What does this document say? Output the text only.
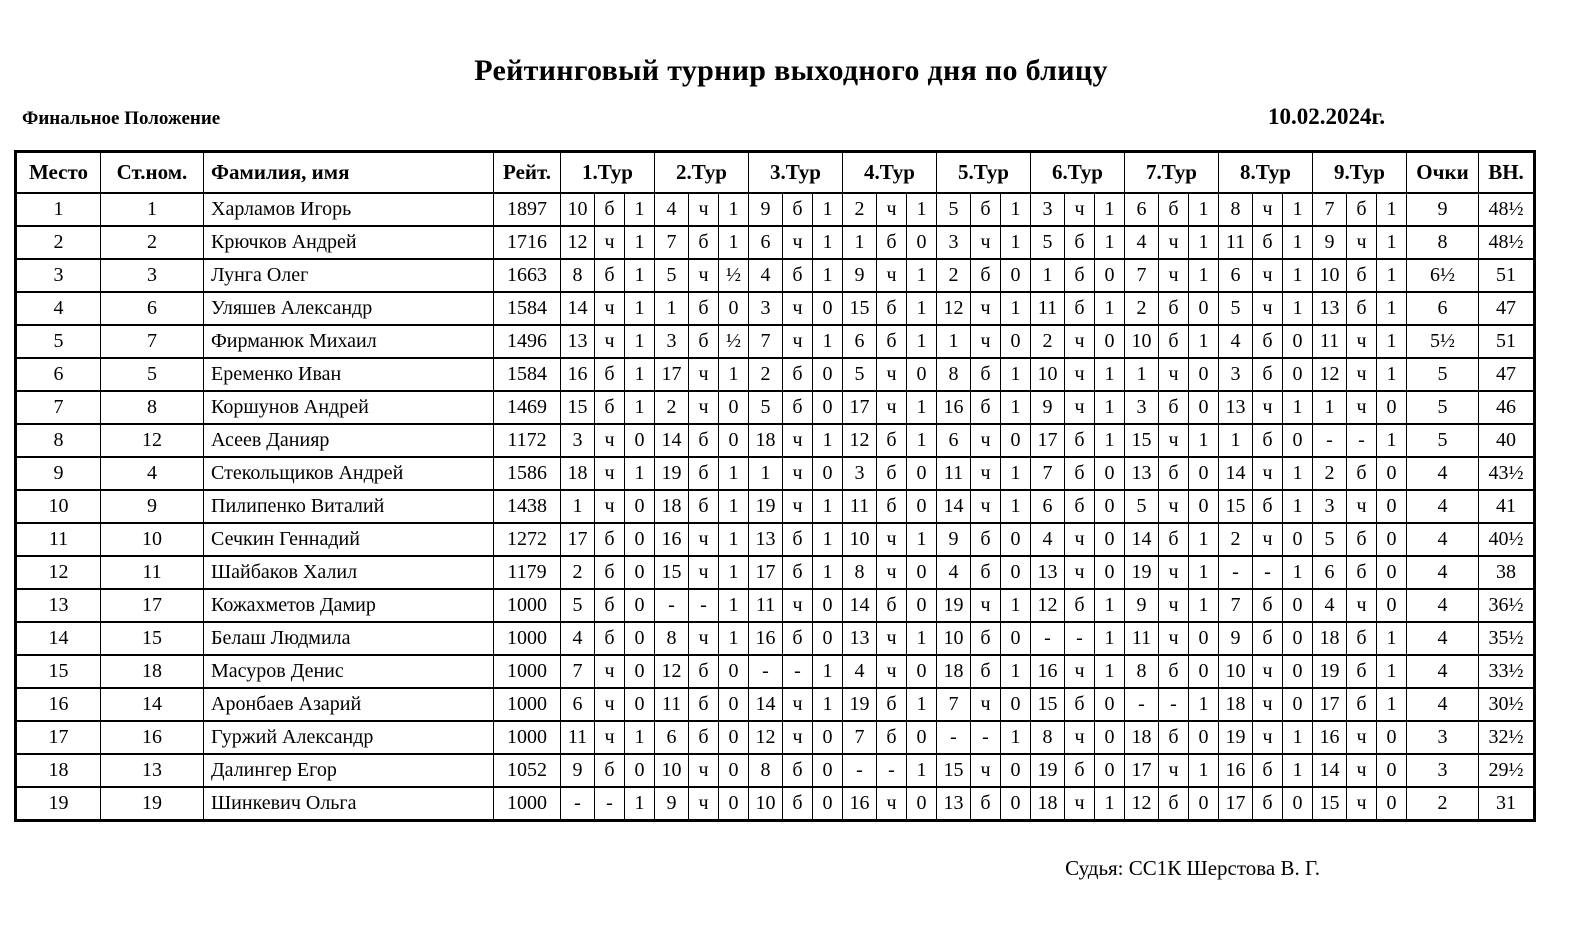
Рейтинговый турнир выходного дня по блицу
Финальное Положение	10.02.2024г.
Место	Ст.ном.	Фамилия, имя	Рейт.	1.Тур			2.Тур			3.Тур			4.Тур			5.Тур			6.Тур			7.Тур			8.Тур			9.Тур			Очки	ВН.
1	1	Харламов Игорь	1897	10	б	1	4	ч	1	9	б	1	2	ч	1	5	б	1	3	ч	1	6	б	1	8	ч	1	7	б	1	9	48½
2	2	Крючков Андрей	1716	12	ч	1	7	б	1	6	ч	1	1	б	0	3	ч	1	5	б	1	4	ч	1	11	б	1	9	ч	1	8	48½
3	3	Лунга Олег	1663	8	б	1	5	ч	½	4	б	1	9	ч	1	2	б	0	1	б	0	7	ч	1	6	ч	1	10	б	1	6½	51
4	6	Уляшев Александр	1584	14	ч	1	1	б	0	3	ч	0	15	б	1	12	ч	1	11	б	1	2	б	0	5	ч	1	13	б	1	6	47
5	7	Фирманюк Михаил	1496	13	ч	1	3	б	½	7	ч	1	6	б	1	1	ч	0	2	ч	0	10	б	1	4	б	0	11	ч	1	5½	51
6	5	Еременко Иван	1584	16	б	1	17	ч	1	2	б	0	5	ч	0	8	б	1	10	ч	1	1	ч	0	3	б	0	12	ч	1	5	47
7	8	Коршунов Андрей	1469	15	б	1	2	ч	0	5	б	0	17	ч	1	16	б	1	9	ч	1	3	б	0	13	ч	1	1	ч	0	5	46
8	12	Асеев Данияр	1172	3	ч	0	14	б	0	18	ч	1	12	б	1	6	ч	0	17	б	1	15	ч	1	1	б	0	-	-	1	5	40
9	4	Стекольщиков Андрей	1586	18	ч	1	19	б	1	1	ч	0	3	б	0	11	ч	1	7	б	0	13	б	0	14	ч	1	2	б	0	4	43½
10	9	Пилипенко Виталий	1438	1	ч	0	18	б	1	19	ч	1	11	б	0	14	ч	1	6	б	0	5	ч	0	15	б	1	3	ч	0	4	41
11	10	Сечкин Геннадий	1272	17	б	0	16	ч	1	13	б	1	10	ч	1	9	б	0	4	ч	0	14	б	1	2	ч	0	5	б	0	4	40½
12	11	Шайбаков Халил	1179	2	б	0	15	ч	1	17	б	1	8	ч	0	4	б	0	13	ч	0	19	ч	1	-	-	1	6	б	0	4	38
13	17	Кожахметов Дамир	1000	5	б	0	-	-	1	11	ч	0	14	б	0	19	ч	1	12	б	1	9	ч	1	7	б	0	4	ч	0	4	36½
14	15	Белаш Людмила	1000	4	б	0	8	ч	1	16	б	0	13	ч	1	10	б	0	-	-	1	11	ч	0	9	б	0	18	б	1	4	35½
15	18	Масуров Денис	1000	7	ч	0	12	б	0	-	-	1	4	ч	0	18	б	1	16	ч	1	8	б	0	10	ч	0	19	б	1	4	33½
16	14	Аронбаев Азарий	1000	6	ч	0	11	б	0	14	ч	1	19	б	1	7	ч	0	15	б	0	-	-	1	18	ч	0	17	б	1	4	30½
17	16	Гуржий Александр	1000	11	ч	1	6	б	0	12	ч	0	7	б	0	-	-	1	8	ч	0	18	б	0	19	ч	1	16	ч	0	3	32½
18	13	Далингер Егор	1052	9	б	0	10	ч	0	8	б	0	-	-	1	15	ч	0	19	б	0	17	ч	1	16	б	1	14	ч	0	3	29½
19	19	Шинкевич Ольга	1000	-	-	1	9	ч	0	10	б	0	16	ч	0	13	б	0	18	ч	1	12	б	0	17	б	0	15	ч	0	2	31
Судья: СС1К Шерстова В. Г.
